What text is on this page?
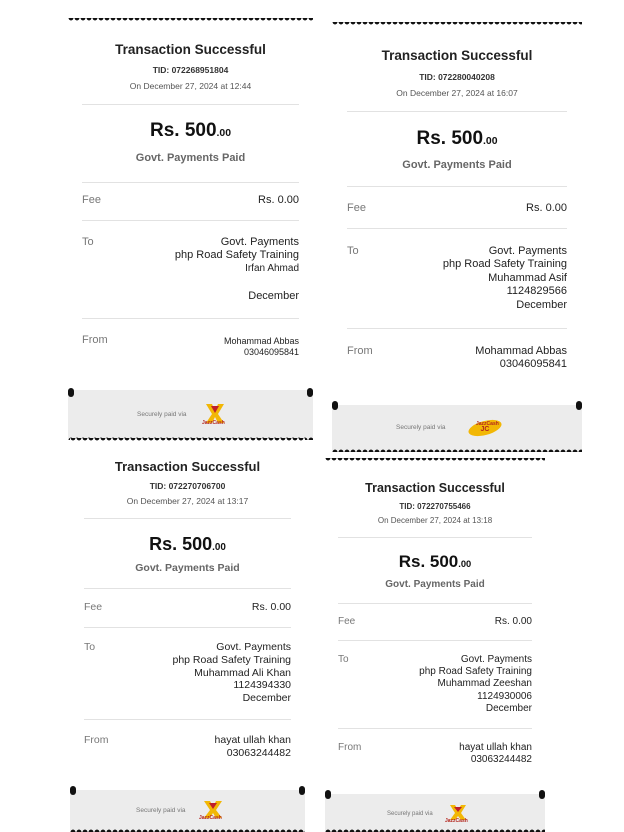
Transaction Successful
TID: 072268951804
On December 27, 2024 at 12:44
Rs. 500.00
Govt. Payments Paid
Fee	Rs. 0.00
To	Govt. Payments
php Road Safety Training
Irfan Ahmad
December
From	Mohammad Abbas
03046095841
Securely paid via
JazzCash
Transaction Successful
TID: 072280040208
On December 27, 2024 at 16:07
Rs. 500.00
Govt. Payments Paid
Fee	Rs. 0.00
To	Govt. Payments
php Road Safety Training
Muhammad Asif
1124829566
December
From	Mohammad Abbas
03046095841
Securely paid via	JC
JazzCash
Transaction Successful
TID: 072270706700
On December 27, 2024 at 13:17
Rs. 500.00
Govt. Payments Paid
Fee	Rs. 0.00
To	Govt. Payments
php Road Safety Training
Muhammad Ali Khan
1124394330
December
From	hayat ullah khan
03063244482
Securely paid via
JazzCash
Transaction Successful
TID: 072270755466
On December 27, 2024 at 13:18
Rs. 500.00
Govt. Payments Paid
Fee	Rs. 0.00
To	Govt. Payments
php Road Safety Training
Muhammad Zeeshan
1124930006
December
From	hayat ullah khan
03063244482
Securely paid via
JazzCash
